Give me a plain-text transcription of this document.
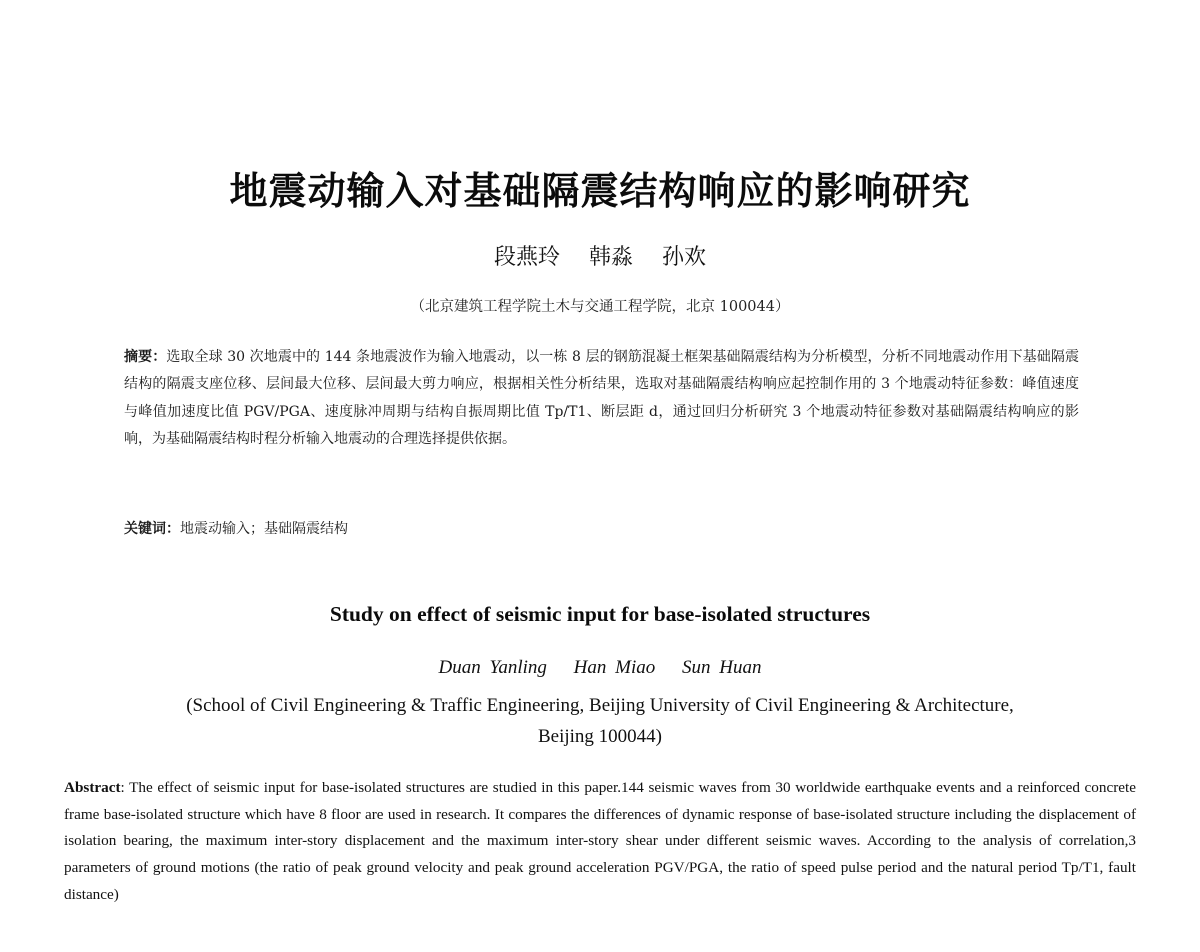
地震动输入对基础隔震结构响应的影响研究
段燕玲 韩淼 孙欢
（北京建筑工程学院土木与交通工程学院，北京 100044）
摘要：选取全球 30 次地震中的 144 条地震波作为输入地震动，以一栋 8 层的钢筋混凝土框架基础隔震结构为分析模型，分析不同地震动作用下基础隔震结构的隔震支座位移、层间最大位移、层间最大剪力响应，根据相关性分析结果，选取对基础隔震结构响应起控制作用的 3 个地震动特征参数：峰值速度与峰值加速度比值 PGV/PGA、速度脉冲周期与结构自振周期比值 Tp/T1、断层距 d，通过回归分析研究 3 个地震动特征参数对基础隔震结构响应的影响，为基础隔震结构时程分析输入地震动的合理选择提供依据。
关键词：地震动输入；基础隔震结构
Study on effect of seismic input for base-isolated structures
Duan Yanling Han Miao Sun Huan
(School of Civil Engineering & Traffic Engineering, Beijing University of Civil Engineering & Architecture,
Beijing 100044)
Abstract: The effect of seismic input for base-isolated structures are studied in this paper.144 seismic waves from 30 worldwide earthquake events and a reinforced concrete frame base-isolated structure which have 8 floor are used in research. It compares the differences of dynamic response of base-isolated structure including the displacement of isolation bearing, the maximum inter-story displacement and the maximum inter-story shear under different seismic waves. According to the analysis of correlation,3 parameters of ground motions (the ratio of peak ground velocity and peak ground acceleration PGV/PGA, the ratio of speed pulse period and the natural period Tp/T1, fault distance)
